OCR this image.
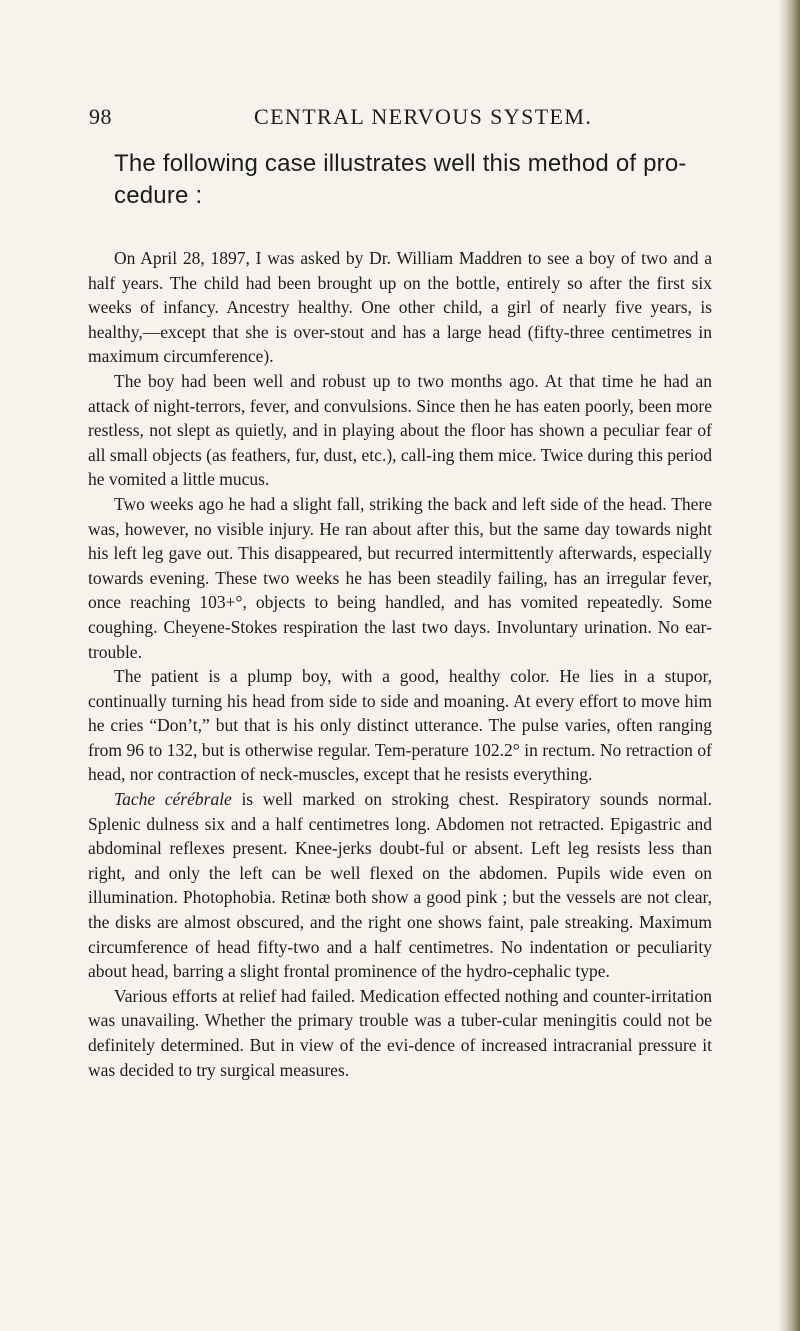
98	CENTRAL NERVOUS SYSTEM.
The following case illustrates well this method of pro-cedure :

On April 28, 1897, I was asked by Dr. William Maddren to see a boy of two and a half years. The child had been brought up on the bottle, entirely so after the first six weeks of infancy. Ancestry healthy. One other child, a girl of nearly five years, is healthy,—except that she is over-stout and has a large head (fifty-three centimetres in maximum circumference).

The boy had been well and robust up to two months ago. At that time he had an attack of night-terrors, fever, and convulsions. Since then he has eaten poorly, been more restless, not slept as quietly, and in playing about the floor has shown a peculiar fear of all small objects (as feathers, fur, dust, etc.), call-ing them mice. Twice during this period he vomited a little mucus.

Two weeks ago he had a slight fall, striking the back and left side of the head. There was, however, no visible injury. He ran about after this, but the same day towards night his left leg gave out. This disappeared, but recurred intermittently afterwards, especially towards evening. These two weeks he has been steadily failing, has an irregular fever, once reaching 103+°, objects to being handled, and has vomited repeatedly. Some coughing. Cheyene-Stokes respiration the last two days. Involuntary urination. No ear-trouble.

The patient is a plump boy, with a good, healthy color. He lies in a stupor, continually turning his head from side to side and moaning. At every effort to move him he cries “Don’t,” but that is his only distinct utterance. The pulse varies, often ranging from 96 to 132, but is otherwise regular. Tem-perature 102.2° in rectum. No retraction of head, nor contraction of neck-muscles, except that he resists everything.

Tache cérébrale is well marked on stroking chest. Respiratory sounds normal. Splenic dulness six and a half centimetres long. Abdomen not retracted. Epigastric and abdominal reflexes present. Knee-jerks doubt-ful or absent. Left leg resists less than right, and only the left can be well flexed on the abdomen. Pupils wide even on illumination. Photophobia. Retinæ both show a good pink ; but the vessels are not clear, the disks are almost obscured, and the right one shows faint, pale streaking. Maximum circumference of head fifty-two and a half centimetres. No indentation or peculiarity about head, barring a slight frontal prominence of the hydro-cephalic type.

Various efforts at relief had failed. Medication effected nothing and counter-irritation was unavailing. Whether the primary trouble was a tuber-cular meningitis could not be definitely determined. But in view of the evi-dence of increased intracranial pressure it was decided to try surgical measures.
